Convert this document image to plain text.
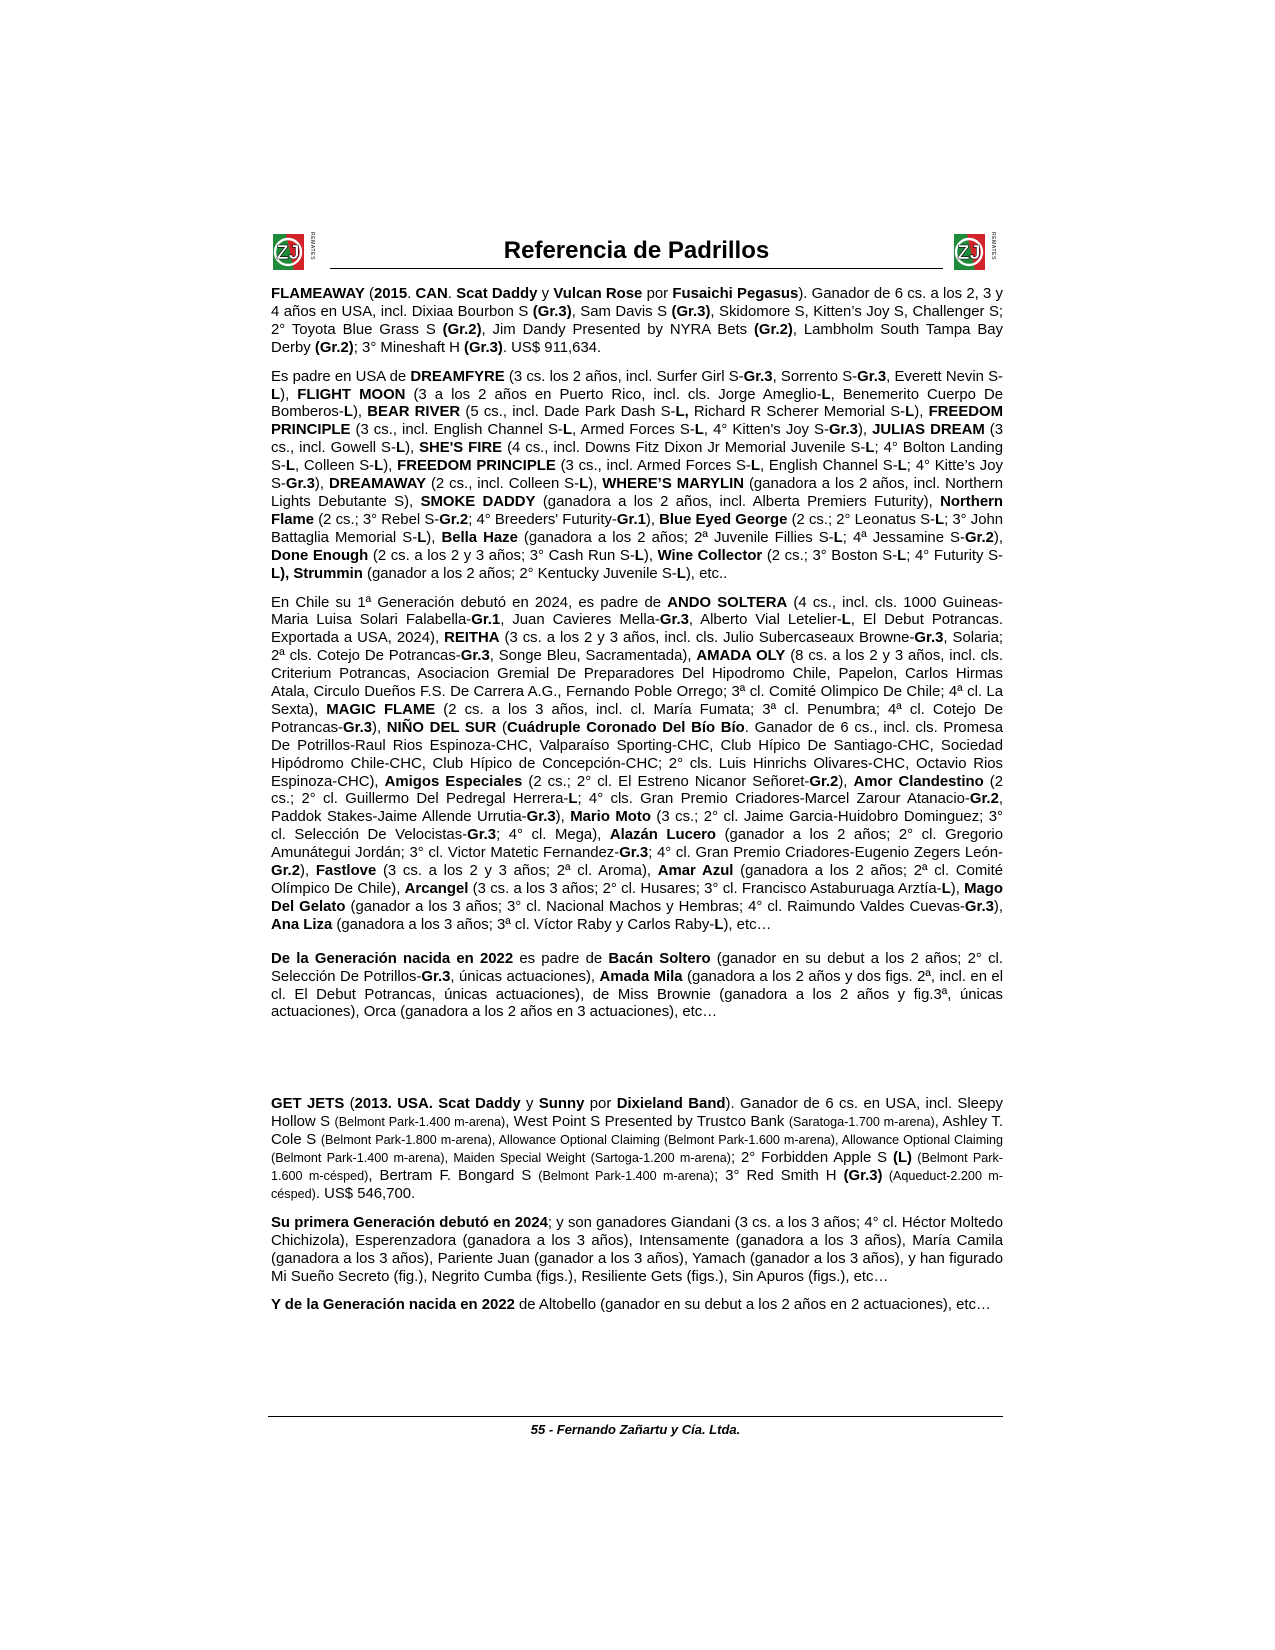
ZJ REMATES	Referencia de Padrillos	ZJ REMATES

FLAMEAWAY (2015. CAN. Scat Daddy y Vulcan Rose por Fusaichi Pegasus). Ganador de 6 cs. a los 2, 3 y 4 años en USA, incl. Dixiaa Bourbon S (Gr.3), Sam Davis S (Gr.3), Skidomore S, Kitten’s Joy S, Challenger S; 2° Toyota Blue Grass S (Gr.2), Jim Dandy Presented by NYRA Bets (Gr.2), Lambholm South Tampa Bay Derby (Gr.2); 3° Mineshaft H (Gr.3). US$ 911,634.

Es padre en USA de DREAMFYRE (3 cs. los 2 años, incl. Surfer Girl S-Gr.3, Sorrento S-Gr.3, Everett Nevin S-L), FLIGHT MOON (3 a los 2 años en Puerto Rico, incl. cls. Jorge Ameglio-L, Benemerito Cuerpo De Bomberos-L), BEAR RIVER (5 cs., incl. Dade Park Dash S-L, Richard R Scherer Memorial S-L), FREEDOM PRINCIPLE (3 cs., incl. English Channel S-L, Armed Forces S-L, 4° Kitten's Joy S-Gr.3), JULIAS DREAM (3 cs., incl. Gowell S-L), SHE'S FIRE (4 cs., incl. Downs Fitz Dixon Jr Memorial Juvenile S-L; 4° Bolton Landing S-L, Colleen S-L), FREEDOM PRINCIPLE (3 cs., incl. Armed Forces S-L, English Channel S-L; 4° Kitte’s Joy S-Gr.3), DREAMAWAY (2 cs., incl. Colleen S-L), WHERE’S MARYLIN (ganadora a los 2 años, incl. Northern Lights Debutante S), SMOKE DADDY (ganadora a los 2 años, incl. Alberta Premiers Futurity), Northern Flame (2 cs.; 3° Rebel S-Gr.2; 4° Breeders' Futurity-Gr.1), Blue Eyed George (2 cs.; 2° Leonatus S-L; 3° John Battaglia Memorial S-L), Bella Haze (ganadora a los 2 años; 2ª Juvenile Fillies S-L; 4ª Jessamine S-Gr.2), Done Enough (2 cs. a los 2 y 3 años; 3° Cash Run S-L), Wine Collector (2 cs.; 3° Boston S-L; 4° Futurity S-L), Strummin (ganador a los 2 años; 2° Kentucky Juvenile S-L), etc..

En Chile su 1ª Generación debutó en 2024, es padre de ANDO SOLTERA (4 cs., incl. cls. 1000 Guineas-Maria Luisa Solari Falabella-Gr.1, Juan Cavieres Mella-Gr.3, Alberto Vial Letelier-L, El Debut Potrancas. Exportada a USA, 2024), REITHA (3 cs. a los 2 y 3 años, incl. cls. Julio Subercaseaux Browne-Gr.3, Solaria; 2ª cls. Cotejo De Potrancas-Gr.3, Songe Bleu, Sacramentada), AMADA OLY (8 cs. a los 2 y 3 años, incl. cls. Criterium Potrancas, Asociacion Gremial De Preparadores Del Hipodromo Chile, Papelon, Carlos Hirmas Atala, Circulo Dueños F.S. De Carrera A.G., Fernando Poble Orrego; 3ª cl. Comité Olimpico De Chile; 4ª cl. La Sexta), MAGIC FLAME (2 cs. a los 3 años, incl. cl. María Fumata; 3ª cl. Penumbra; 4ª cl. Cotejo De Potrancas-Gr.3), NIÑO DEL SUR (Cuádruple Coronado Del Bío Bío. Ganador de 6 cs., incl. cls. Promesa De Potrillos-Raul Rios Espinoza-CHC, Valparaíso Sporting-CHC, Club Hípico De Santiago-CHC, Sociedad Hipódromo Chile-CHC, Club Hípico de Concepción-CHC; 2° cls. Luis Hinrichs Olivares-CHC, Octavio Rios Espinoza-CHC), Amigos Especiales (2 cs.; 2° cl. El Estreno Nicanor Señoret-Gr.2), Amor Clandestino (2 cs.; 2° cl. Guillermo Del Pedregal Herrera-L; 4° cls. Gran Premio Criadores-Marcel Zarour Atanacio-Gr.2, Paddok Stakes-Jaime Allende Urrutia-Gr.3), Mario Moto (3 cs.; 2° cl. Jaime Garcia-Huidobro Dominguez; 3° cl. Selección De Velocistas-Gr.3; 4° cl. Mega), Alazán Lucero (ganador a los 2 años; 2° cl. Gregorio Amunátegui Jordán; 3° cl. Victor Matetic Fernandez-Gr.3; 4° cl. Gran Premio Criadores-Eugenio Zegers León-Gr.2), Fastlove (3 cs. a los 2 y 3 años; 2ª cl. Aroma), Amar Azul (ganadora a los 2 años; 2ª cl. Comité Olímpico De Chile), Arcangel (3 cs. a los 3 años; 2° cl. Husares; 3° cl. Francisco Astaburuaga Arztía-L), Mago Del Gelato (ganador a los 3 años; 3° cl. Nacional Machos y Hembras; 4° cl. Raimundo Valdes Cuevas-Gr.3), Ana Liza (ganadora a los 3 años; 3ª cl. Víctor Raby y Carlos Raby-L), etc…

De la Generación nacida en 2022 es padre de Bacán Soltero (ganador en su debut a los 2 años; 2° cl. Selección De Potrillos-Gr.3, únicas actuaciones), Amada Mila (ganadora a los 2 años y dos figs. 2ª, incl. en el cl. El Debut Potrancas, únicas actuaciones), de Miss Brownie (ganadora a los 2 años y fig.3ª, únicas actuaciones), Orca (ganadora a los 2 años en 3 actuaciones), etc…

GET JETS (2013. USA. Scat Daddy y Sunny por Dixieland Band). Ganador de 6 cs. en USA, incl. Sleepy Hollow S (Belmont Park-1.400 m-arena), West Point S Presented by Trustco Bank (Saratoga-1.700 m-arena), Ashley T. Cole S (Belmont Park-1.800 m-arena), Allowance Optional Claiming (Belmont Park-1.600 m-arena), Allowance Optional Claiming (Belmont Park-1.400 m-arena), Maiden Special Weight (Sartoga-1.200 m-arena); 2° Forbidden Apple S (L) (Belmont Park-1.600 m-césped), Bertram F. Bongard S (Belmont Park-1.400 m-arena); 3° Red Smith H (Gr.3) (Aqueduct-2.200 m-césped). US$ 546,700.

Su primera Generación debutó en 2024; y son ganadores Giandani (3 cs. a los 3 años; 4° cl. Héctor Moltedo Chichizola), Esperenzadora (ganadora a los 3 años), Intensamente (ganadora a los 3 años), María Camila (ganadora a los 3 años), Pariente Juan (ganador a los 3 años), Yamach (ganador a los 3 años), y han figurado Mi Sueño Secreto (fig.), Negrito Cumba (figs.), Resiliente Gets (figs.), Sin Apuros (figs.), etc…

Y de la Generación nacida en 2022 de Altobello (ganador en su debut a los 2 años en 2 actuaciones), etc…

55 - Fernando Zañartu y Cía. Ltda.
